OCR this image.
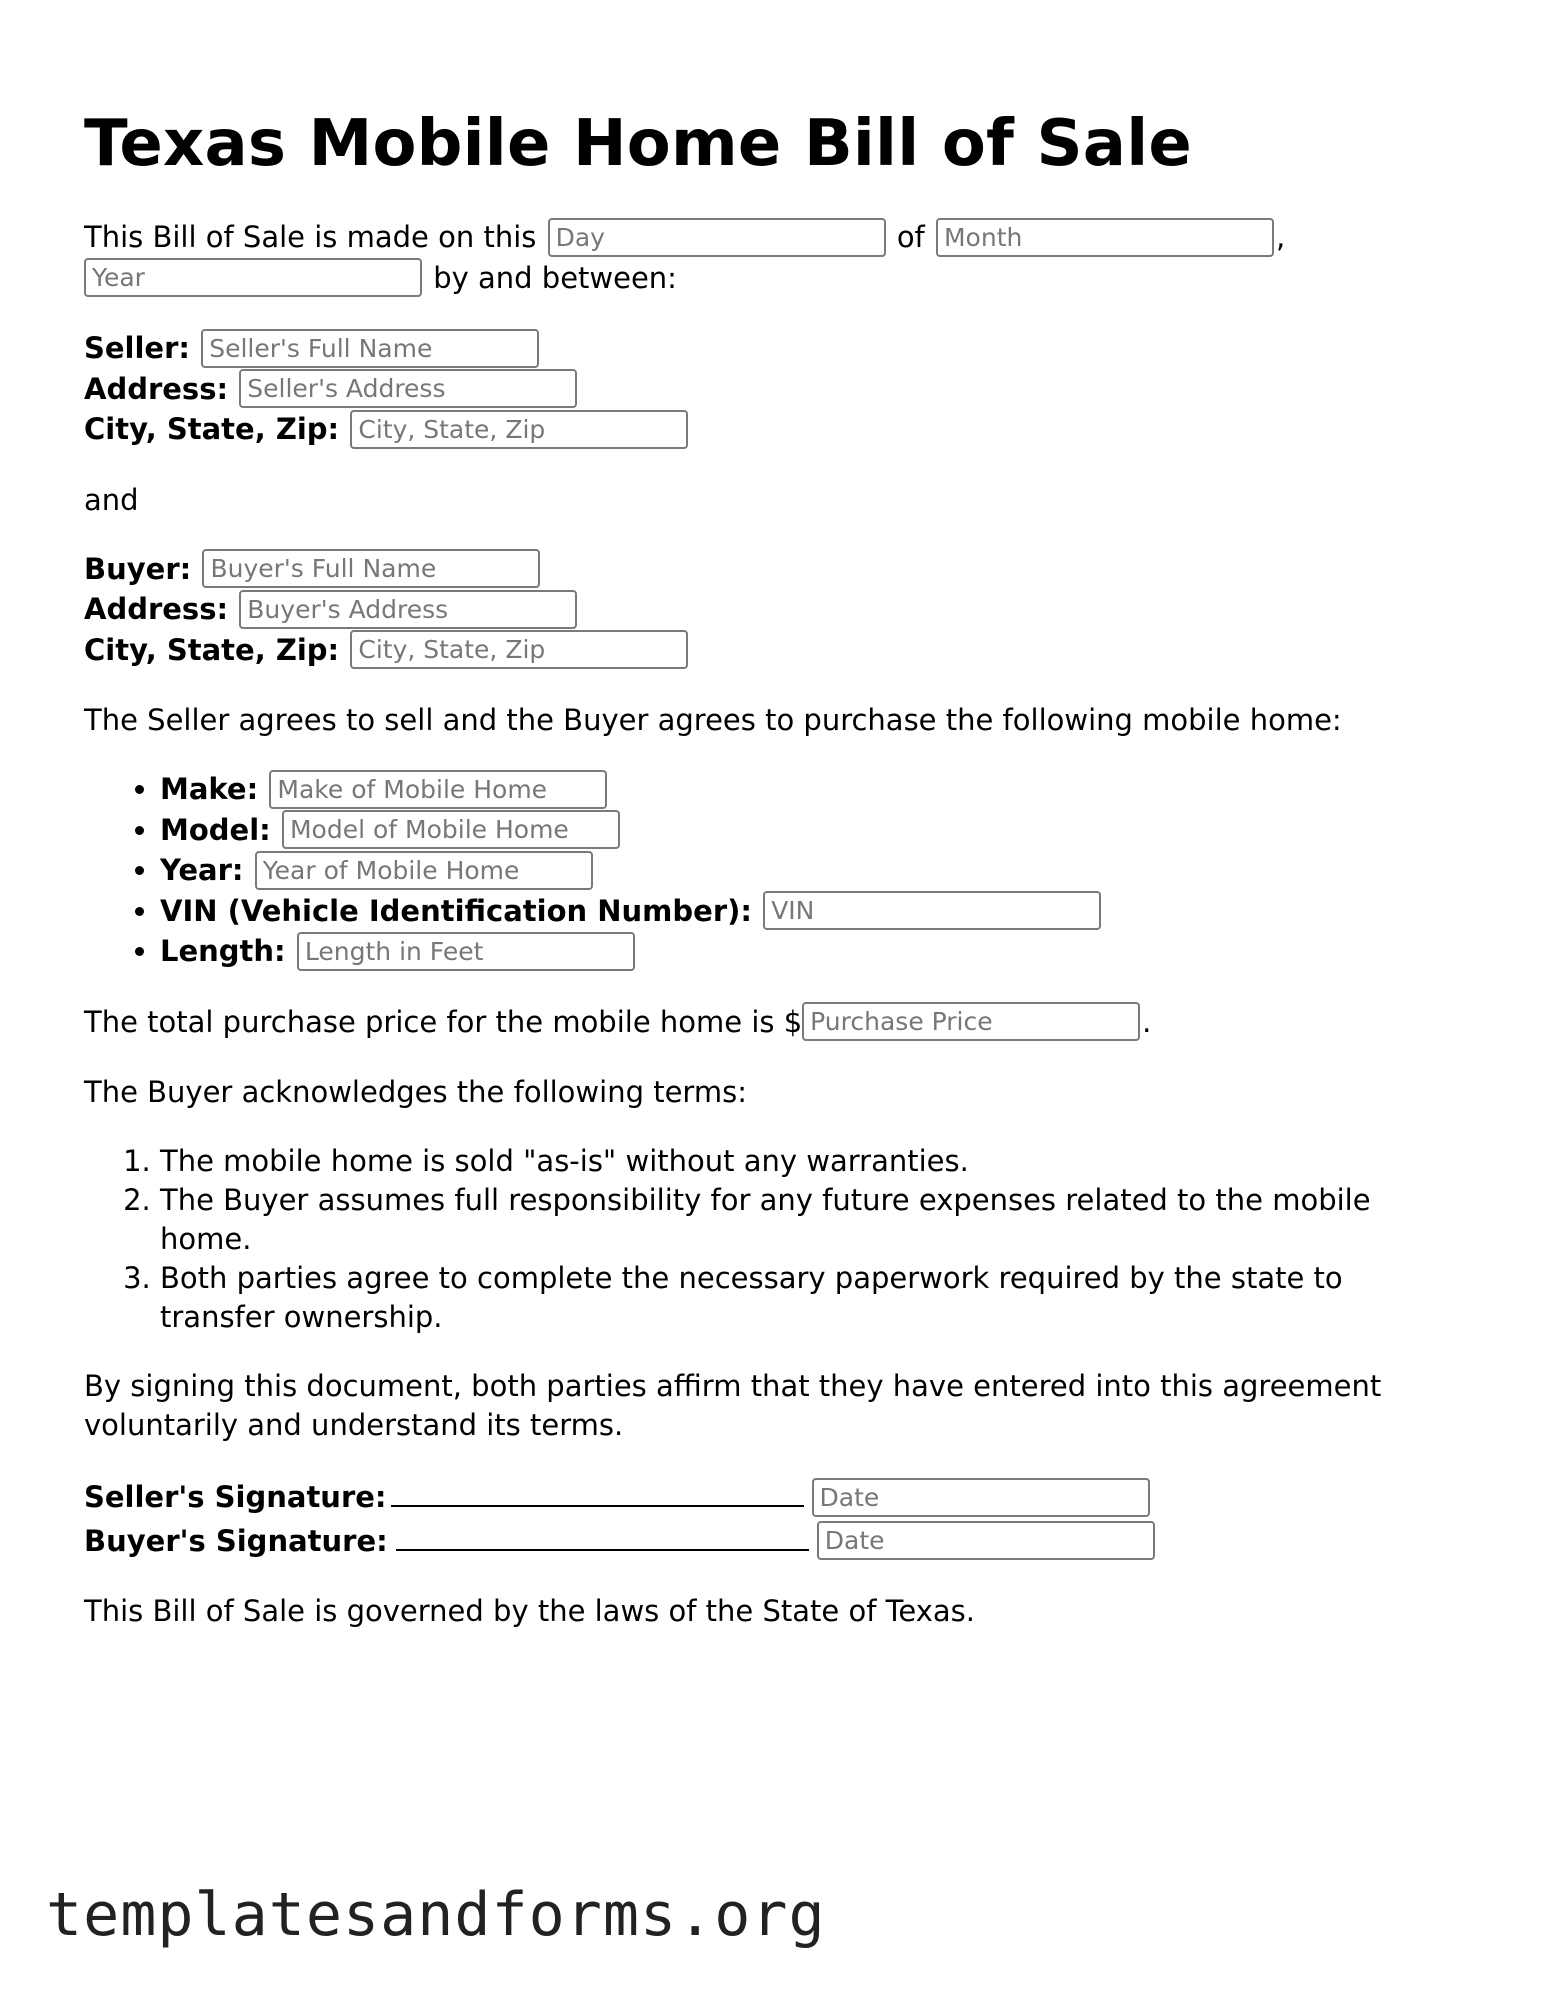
Texas Mobile Home Bill of Sale
This Bill of Sale is made on this Day	of Month	,
Year by and between:
Seller: Seller's Full Name
Address: Seller's Address
City, State, Zip: City, State, Zip

and

Buyer: Buyer's Full Name
Address: Buyer's Address
City, State, Zip: City, State, Zip

The Seller agrees to sell and the Buyer agrees to purchase the following mobile home:

• Make: Make of Mobile Home
• Model: Model of Mobile Home
• Year: Year of Mobile Home
• VIN (Vehicle Identification Number): VIN
• Length: Length in Feet
The total purchase price for the mobile home is $Purchase Price	.

The Buyer acknowledges the following terms:

1. The mobile home is sold "as-is" without any warranties.
2. The Buyer assumes full responsibility for any future expenses related to the mobile home.
3. Both parties agree to complete the necessary paperwork required by the state to transfer ownership.

By signing this document, both parties affirm that they have entered into this agreement voluntarily and understand its terms.

Seller's Signature:Date
Buyer's Signature:Date

This Bill of Sale is governed by the laws of the State of Texas.

templatesandforms.org
